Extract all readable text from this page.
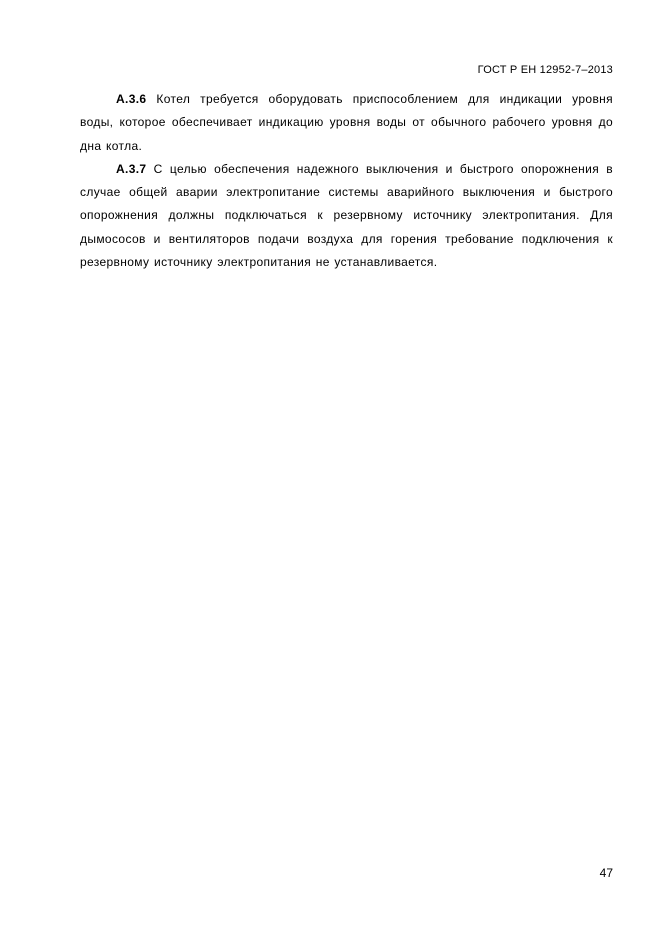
ГОСТ Р ЕН 12952-7–2013

А.3.6 Котел требуется оборудовать приспособлением для индикации уровня воды, которое обеспечивает индикацию уровня воды от обычного рабочего уровня до дна котла.

А.3.7 С целью обеспечения надежного выключения и быстрого опорожнения в случае общей аварии электропитание системы аварийного выключения и быстрого опорожнения должны подключаться к резервному источнику электропитания. Для дымососов и вентиляторов подачи воздуха для горения требование подключения к резервному источнику электропитания не устанавливается.

47
